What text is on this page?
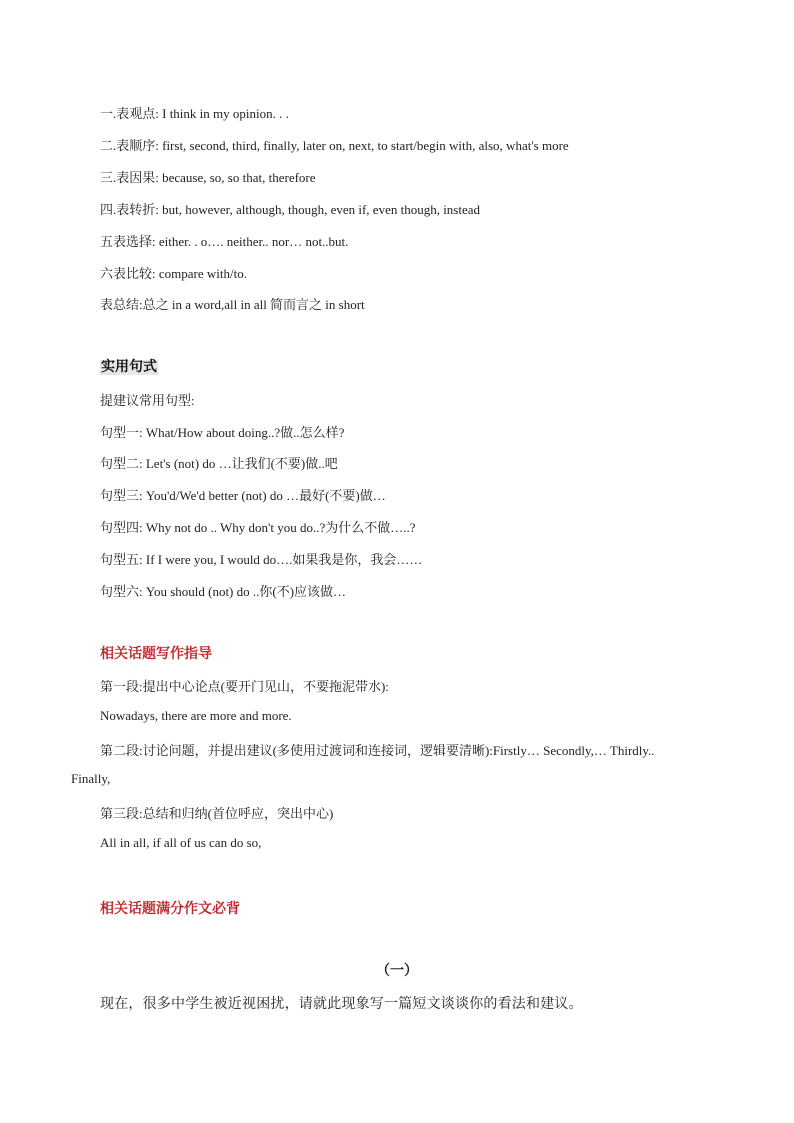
一.表观点: I think in my opinion. . .
二.表顺序: first, second, third, finally, later on, next, to start/begin with, also, what's more
三.表因果: because, so, so that, therefore
四.表转折: but, however, although, though, even if, even though, instead
五表选择: either. . o…. neither.. nor… not..but.
六表比较: compare with/to.
表总结:总之 in a word,all in all 简而言之 in short
实用句式
提建议常用句型:
句型一: What/How about doing..?做..怎么样?
句型二: Let's (not) do …让我们(不要)做..吧
句型三: You'd/We'd better (not) do …最好(不要)做…
句型四: Why not do .. Why don't you do..?为什么不做…..?
句型五: If I were you, I would do….如果我是你，我会……
句型六: You should (not) do ..你(不)应该做…
相关话题写作指导
第一段:提出中心论点(要开门见山，不要拖泥带水):
Nowadays, there are more and more.
第二段:讨论问题，并提出建议(多使用过渡词和连接词，逻辑要清晰):Firstly… Secondly,… Thirdly..
Finally,
第三段:总结和归纳(首位呼应，突出中心)
All in all, if all of us can do so,
相关话题满分作文必背
（一）
现在，很多中学生被近视困扰，请就此现象写一篇短文谈谈你的看法和建议。
